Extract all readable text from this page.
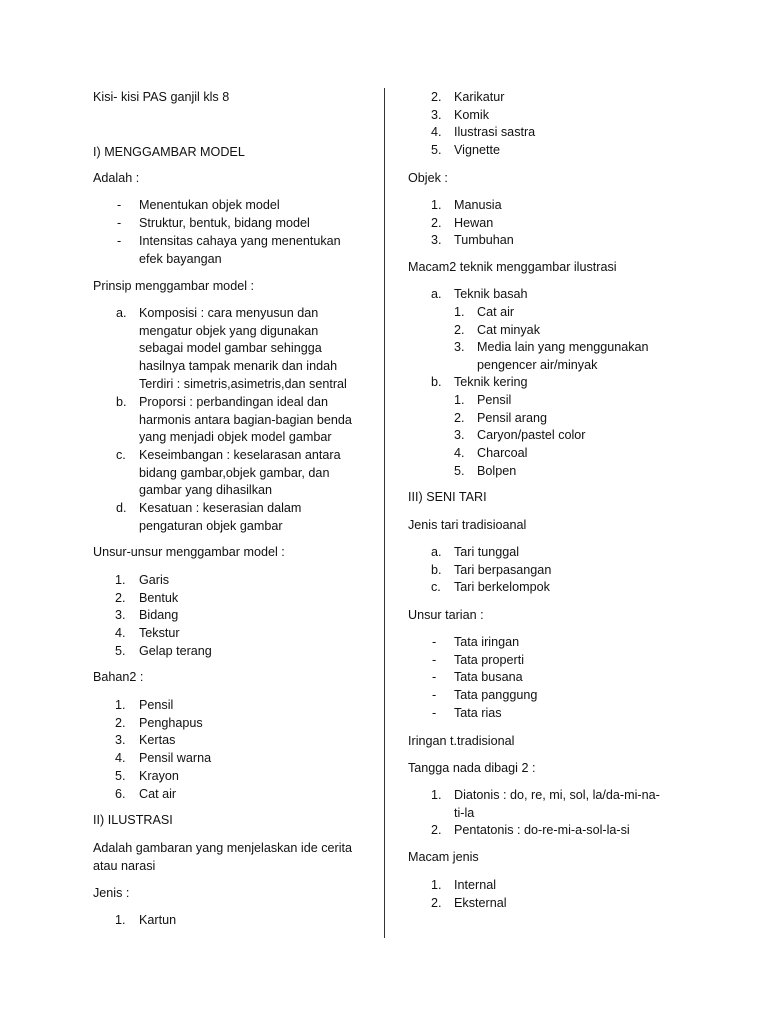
Kisi- kisi PAS ganjil kls 8
I) MENGGAMBAR MODEL
Adalah :
- Menentukan objek model
- Struktur, bentuk, bidang model
- Intensitas cahaya yang menentukan
efek bayangan
Prinsip menggambar model :
a. Komposisi : cara menyusun dan
mengatur objek yang digunakan
sebagai model gambar sehingga
hasilnya tampak menarik dan indah
Terdiri : simetris,asimetris,dan sentral
b. Proporsi : perbandingan ideal dan
harmonis antara bagian-bagian benda
yang menjadi objek model gambar
c. Keseimbangan : keselarasan antara
bidang gambar,objek gambar, dan
gambar yang dihasilkan
d. Kesatuan : keserasian dalam
pengaturan objek gambar
Unsur-unsur menggambar model :
1. Garis
2. Bentuk
3. Bidang
4. Tekstur
5. Gelap terang
Bahan2 :
1. Pensil
2. Penghapus
3. Kertas
4. Pensil warna
5. Krayon
6. Cat air
II) ILUSTRASI
Adalah gambaran yang menjelaskan ide cerita
atau narasi
Jenis :
1. Kartun
2. Karikatur
3. Komik
4. Ilustrasi sastra
5. Vignette
Objek :
1. Manusia
2. Hewan
3. Tumbuhan
Macam2 teknik menggambar ilustrasi
a. Teknik basah
1. Cat air
2. Cat minyak
3. Media lain yang menggunakan
pengencer air/minyak
b. Teknik kering
1. Pensil
2. Pensil arang
3. Caryon/pastel color
4. Charcoal
5. Bolpen
III) SENI TARI
Jenis tari tradisioanal
a. Tari tunggal
b. Tari berpasangan
c. Tari berkelompok
Unsur tarian :
- Tata iringan
- Tata properti
- Tata busana
- Tata panggung
- Tata rias
Iringan t.tradisional
Tangga nada dibagi 2 :
1. Diatonis : do, re, mi, sol, la/da-mi-na-
ti-la
2. Pentatonis : do-re-mi-a-sol-la-si
Macam jenis
1. Internal
2. Eksternal
